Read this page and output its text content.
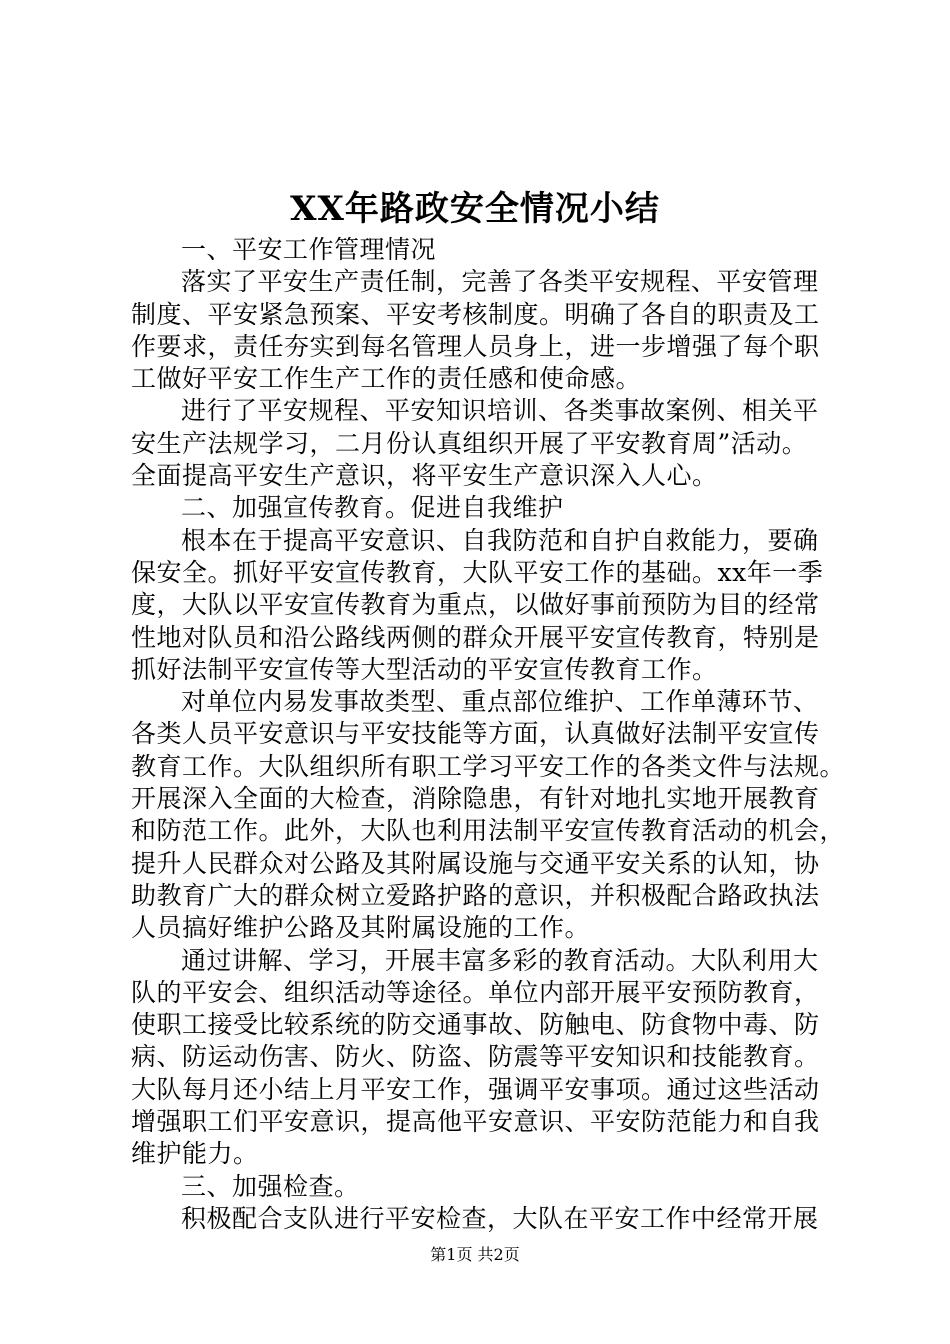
XX年路政安全情况小结
一、平安工作管理情况
落实了平安生产责任制，完善了各类平安规程、平安管理
制度、平安紧急预案、平安考核制度。明确了各自的职责及工
作要求，责任夯实到每名管理人员身上，进一步增强了每个职
工做好平安工作生产工作的责任感和使命感。
进行了平安规程、平安知识培训、各类事故案例、相关平
安生产法规学习，二月份认真组织开展了平安教育周”活动。
全面提高平安生产意识，将平安生产意识深入人心。
二、加强宣传教育。促进自我维护
根本在于提高平安意识、自我防范和自护自救能力，要确
保安全。抓好平安宣传教育，大队平安工作的基础。xx年一季
度，大队以平安宣传教育为重点，以做好事前预防为目的经常
性地对队员和沿公路线两侧的群众开展平安宣传教育，特别是
抓好法制平安宣传等大型活动的平安宣传教育工作。
对单位内易发事故类型、重点部位维护、工作单薄环节、
各类人员平安意识与平安技能等方面，认真做好法制平安宣传
教育工作。大队组织所有职工学习平安工作的各类文件与法规。
开展深入全面的大检查，消除隐患，有针对地扎实地开展教育
和防范工作。此外，大队也利用法制平安宣传教育活动的机会，
提升人民群众对公路及其附属设施与交通平安关系的认知，协
助教育广大的群众树立爱路护路的意识，并积极配合路政执法
人员搞好维护公路及其附属设施的工作。
通过讲解、学习，开展丰富多彩的教育活动。大队利用大
队的平安会、组织活动等途径。单位内部开展平安预防教育，
使职工接受比较系统的防交通事故、防触电、防食物中毒、防
病、防运动伤害、防火、防盗、防震等平安知识和技能教育。
大队每月还小结上月平安工作，强调平安事项。通过这些活动
增强职工们平安意识，提高他平安意识、平安防范能力和自我
维护能力。
三、加强检查。
积极配合支队进行平安检查，大队在平安工作中经常开展
第1页 共2页
